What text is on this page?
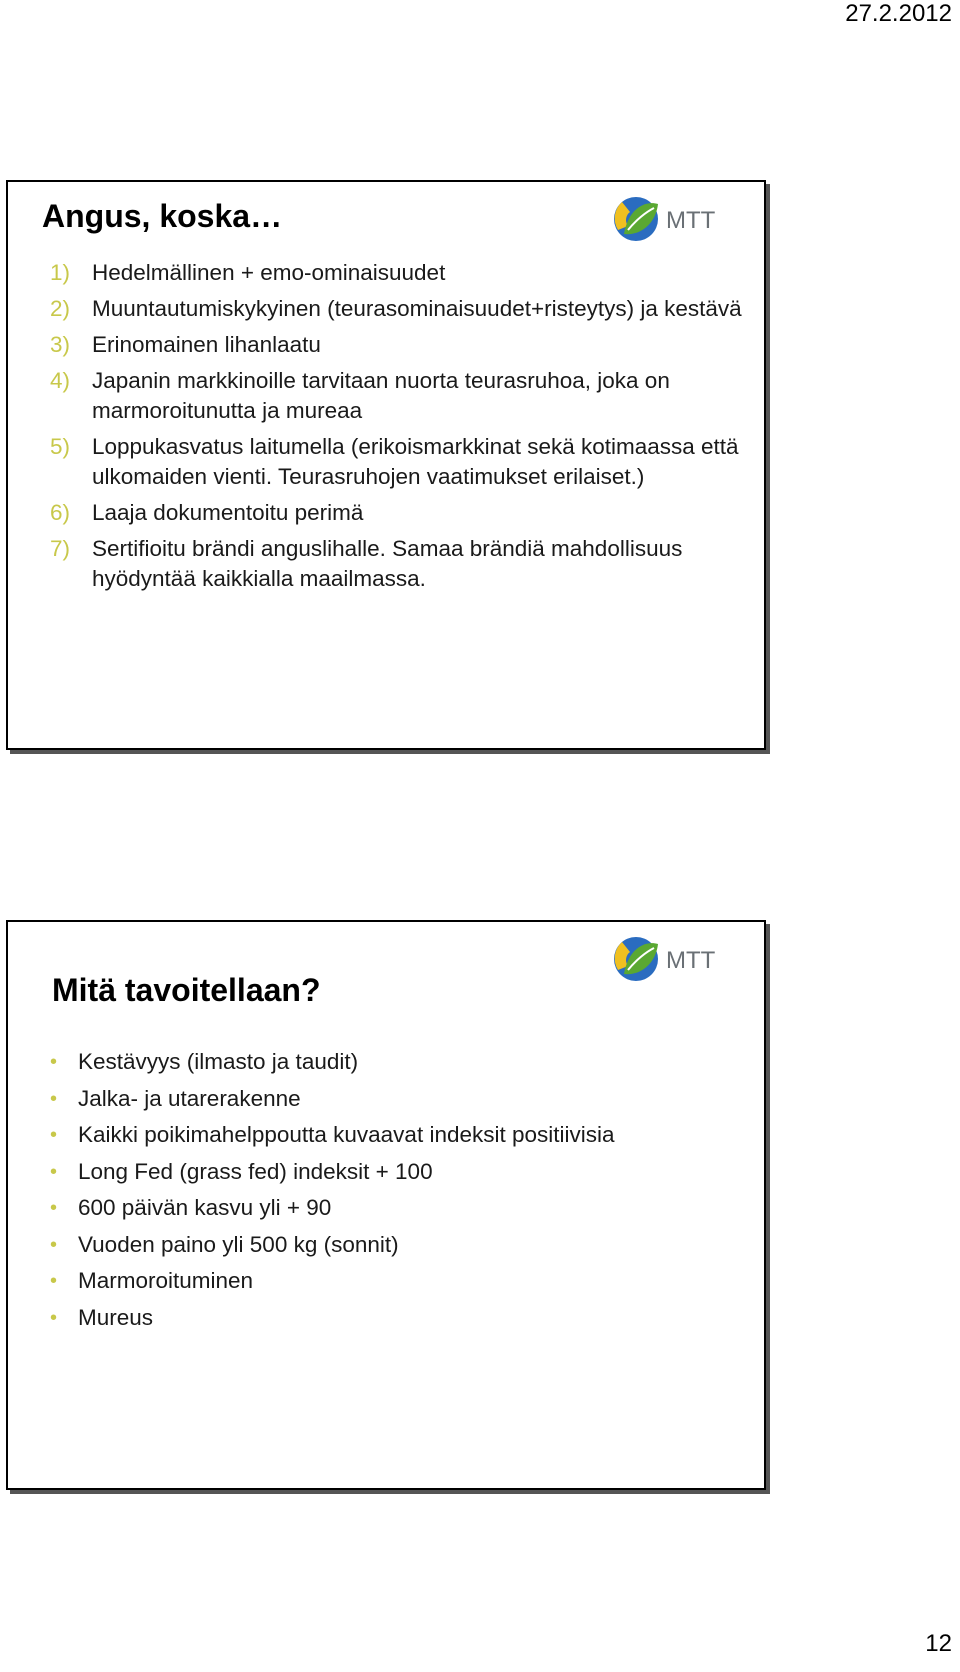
27.2.2012
MTT
Angus, koska…
1) Hedelmällinen + emo-ominaisuudet
2) Muuntautumiskykyinen (teurasominaisuudet+risteytys) ja kestävä
3) Erinomainen lihanlaatu
4) Japanin markkinoille tarvitaan nuorta teurasruhoa, joka on marmoroitunutta ja mureaa
5) Loppukasvatus laitumella (erikoismarkkinat sekä kotimaassa että ulkomaiden vienti. Teurasruhojen vaatimukset erilaiset.)
6) Laaja dokumentoitu perimä
7) Sertifioitu brändi anguslihalle. Samaa brändiä mahdollisuus hyödyntää kaikkialla maailmassa.
MTT
Mitä tavoitellaan?
• Kestävyys (ilmasto ja taudit)
• Jalka- ja utarerakenne
• Kaikki poikimahelppoutta kuvaavat indeksit positiivisia
• Long Fed (grass fed) indeksit + 100
• 600 päivän kasvu yli + 90
• Vuoden paino yli 500 kg (sonnit)
• Marmoroituminen
• Mureus
12
